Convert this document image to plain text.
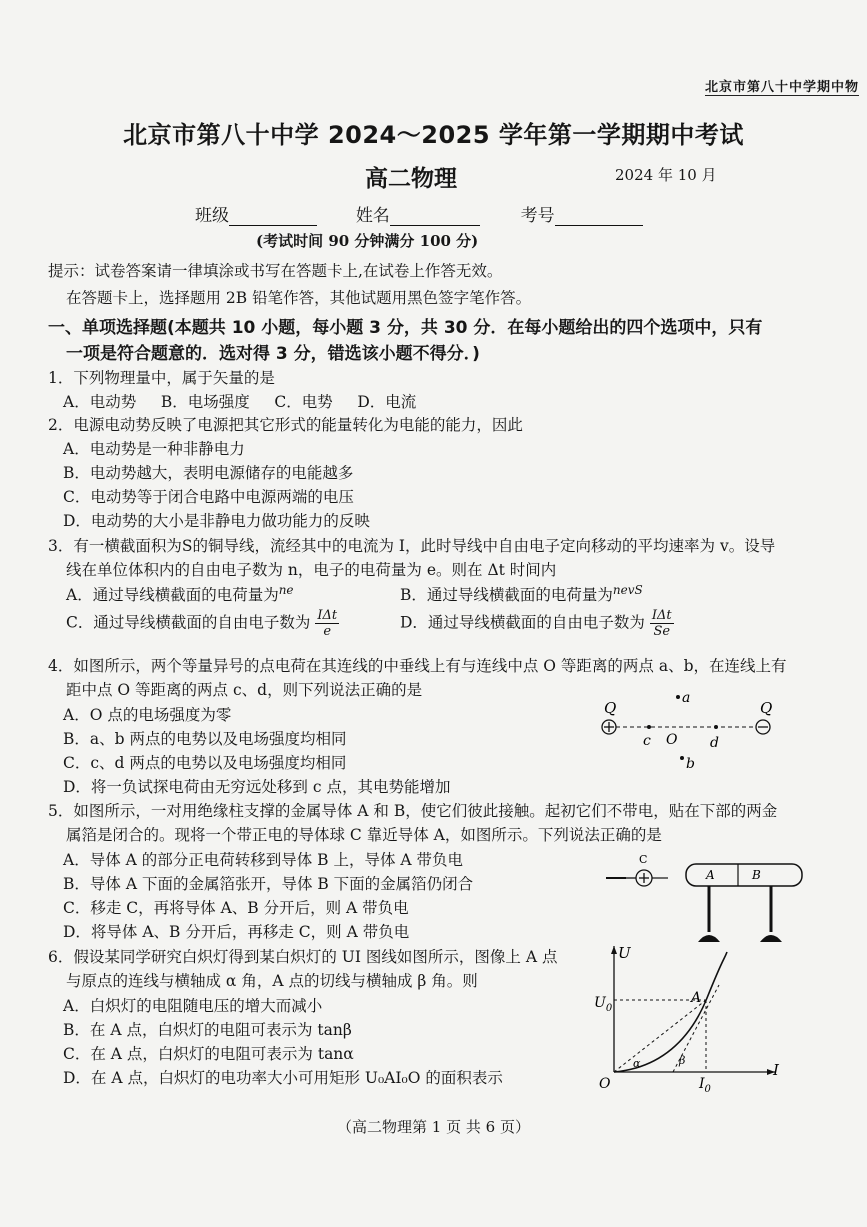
北京市第八十中学期中物
北京市第八十中学 2024～2025 学年第一学期期中考试
高二物理	2024 年 10 月
班级	姓名	考号
(考试时间 90 分钟满分 100 分)
提示：试卷答案请一律填涂或书写在答题卡上,在试卷上作答无效。
在答题卡上，选择题用 2B 铅笔作答，其他试题用黑色签字笔作答。
一、单项选择题(本题共 10 小题，每小题 3 分，共 30 分．在每小题给出的四个选项中，只有
一项是符合题意的．选对得 3 分，错选该小题不得分．)
1．下列物理量中，属于矢量的是
A．电动势     B．电场强度     C．电势     D．电流
2．电源电动势反映了电源把其它形式的能量转化为电能的能力，因此
A．电动势是一种非静电力
B．电动势越大，表明电源储存的电能越多
C．电动势等于闭合电路中电源两端的电压
D．电动势的大小是非静电力做功能力的反映
3．有一横截面积为S的铜导线，流经其中的电流为 I，此时导线中自由电子定向移动的平均速率为 v。设导
线在单位体积内的自由电子数为 n，电子的电荷量为 e。则在 Δt 时间内
A．通过导线横截面的电荷量为$^{ne}$	B．通过导线横截面的电荷量为$^{nevS}$
C．通过导线横截面的自由电子数为 $\frac{\text{IΔt}}{e}$	D．通过导线横截面的自由电子数为 $\frac{\text{IΔt}}{Se}$
4．如图所示，两个等量异号的点电荷在其连线的中垂线上有与连线中点 O 等距离的两点 a、b，在连线上有
距中点 O 等距离的两点 c、d，则下列说法正确的是
A．O 点的电场强度为零
B．a、b 两点的电势以及电场强度均相同
C．c、d 两点的电势以及电场强度均相同
D．将一负试探电荷由无穷远处移到 c 点，其电势能增加
a
Q	Q
c O d
b
5．如图所示，一对用绝缘柱支撑的金属导体 A 和 B，使它们彼此接触。起初它们不带电，贴在下部的两金
属箔是闭合的。现将一个带正电的导体球 C 靠近导体 A，如图所示。下列说法正确的是
A．导体 A 的部分正电荷转移到导体 B 上，导体 A 带负电
B．导体 A 下面的金属箔张开，导体 B 下面的金属箔仍闭合
C．移走 C，再将导体 A、B 分开后，则 A 带负电
D．将导体 A、B 分开后，再移走 C，则 A 带负电
C
A	B
6．假设某同学研究白炽灯得到某白炽灯的 UI 图线如图所示，图像上 A 点
与原点的连线与横轴成 α 角，A 点的切线与横轴成 β 角。则
A．白炽灯的电阻随电压的增大而减小
B．在 A 点，白炽灯的电阻可表示为 tanβ
C．在 A 点，白炽灯的电阻可表示为 tanα
D．在 A 点，白炽灯的电功率大小可用矩形 U₀AI₀O 的面积表示
U
I
O
A
$U_0$
$I_0$
α	β
（高二物理第 1 页 共 6 页）
